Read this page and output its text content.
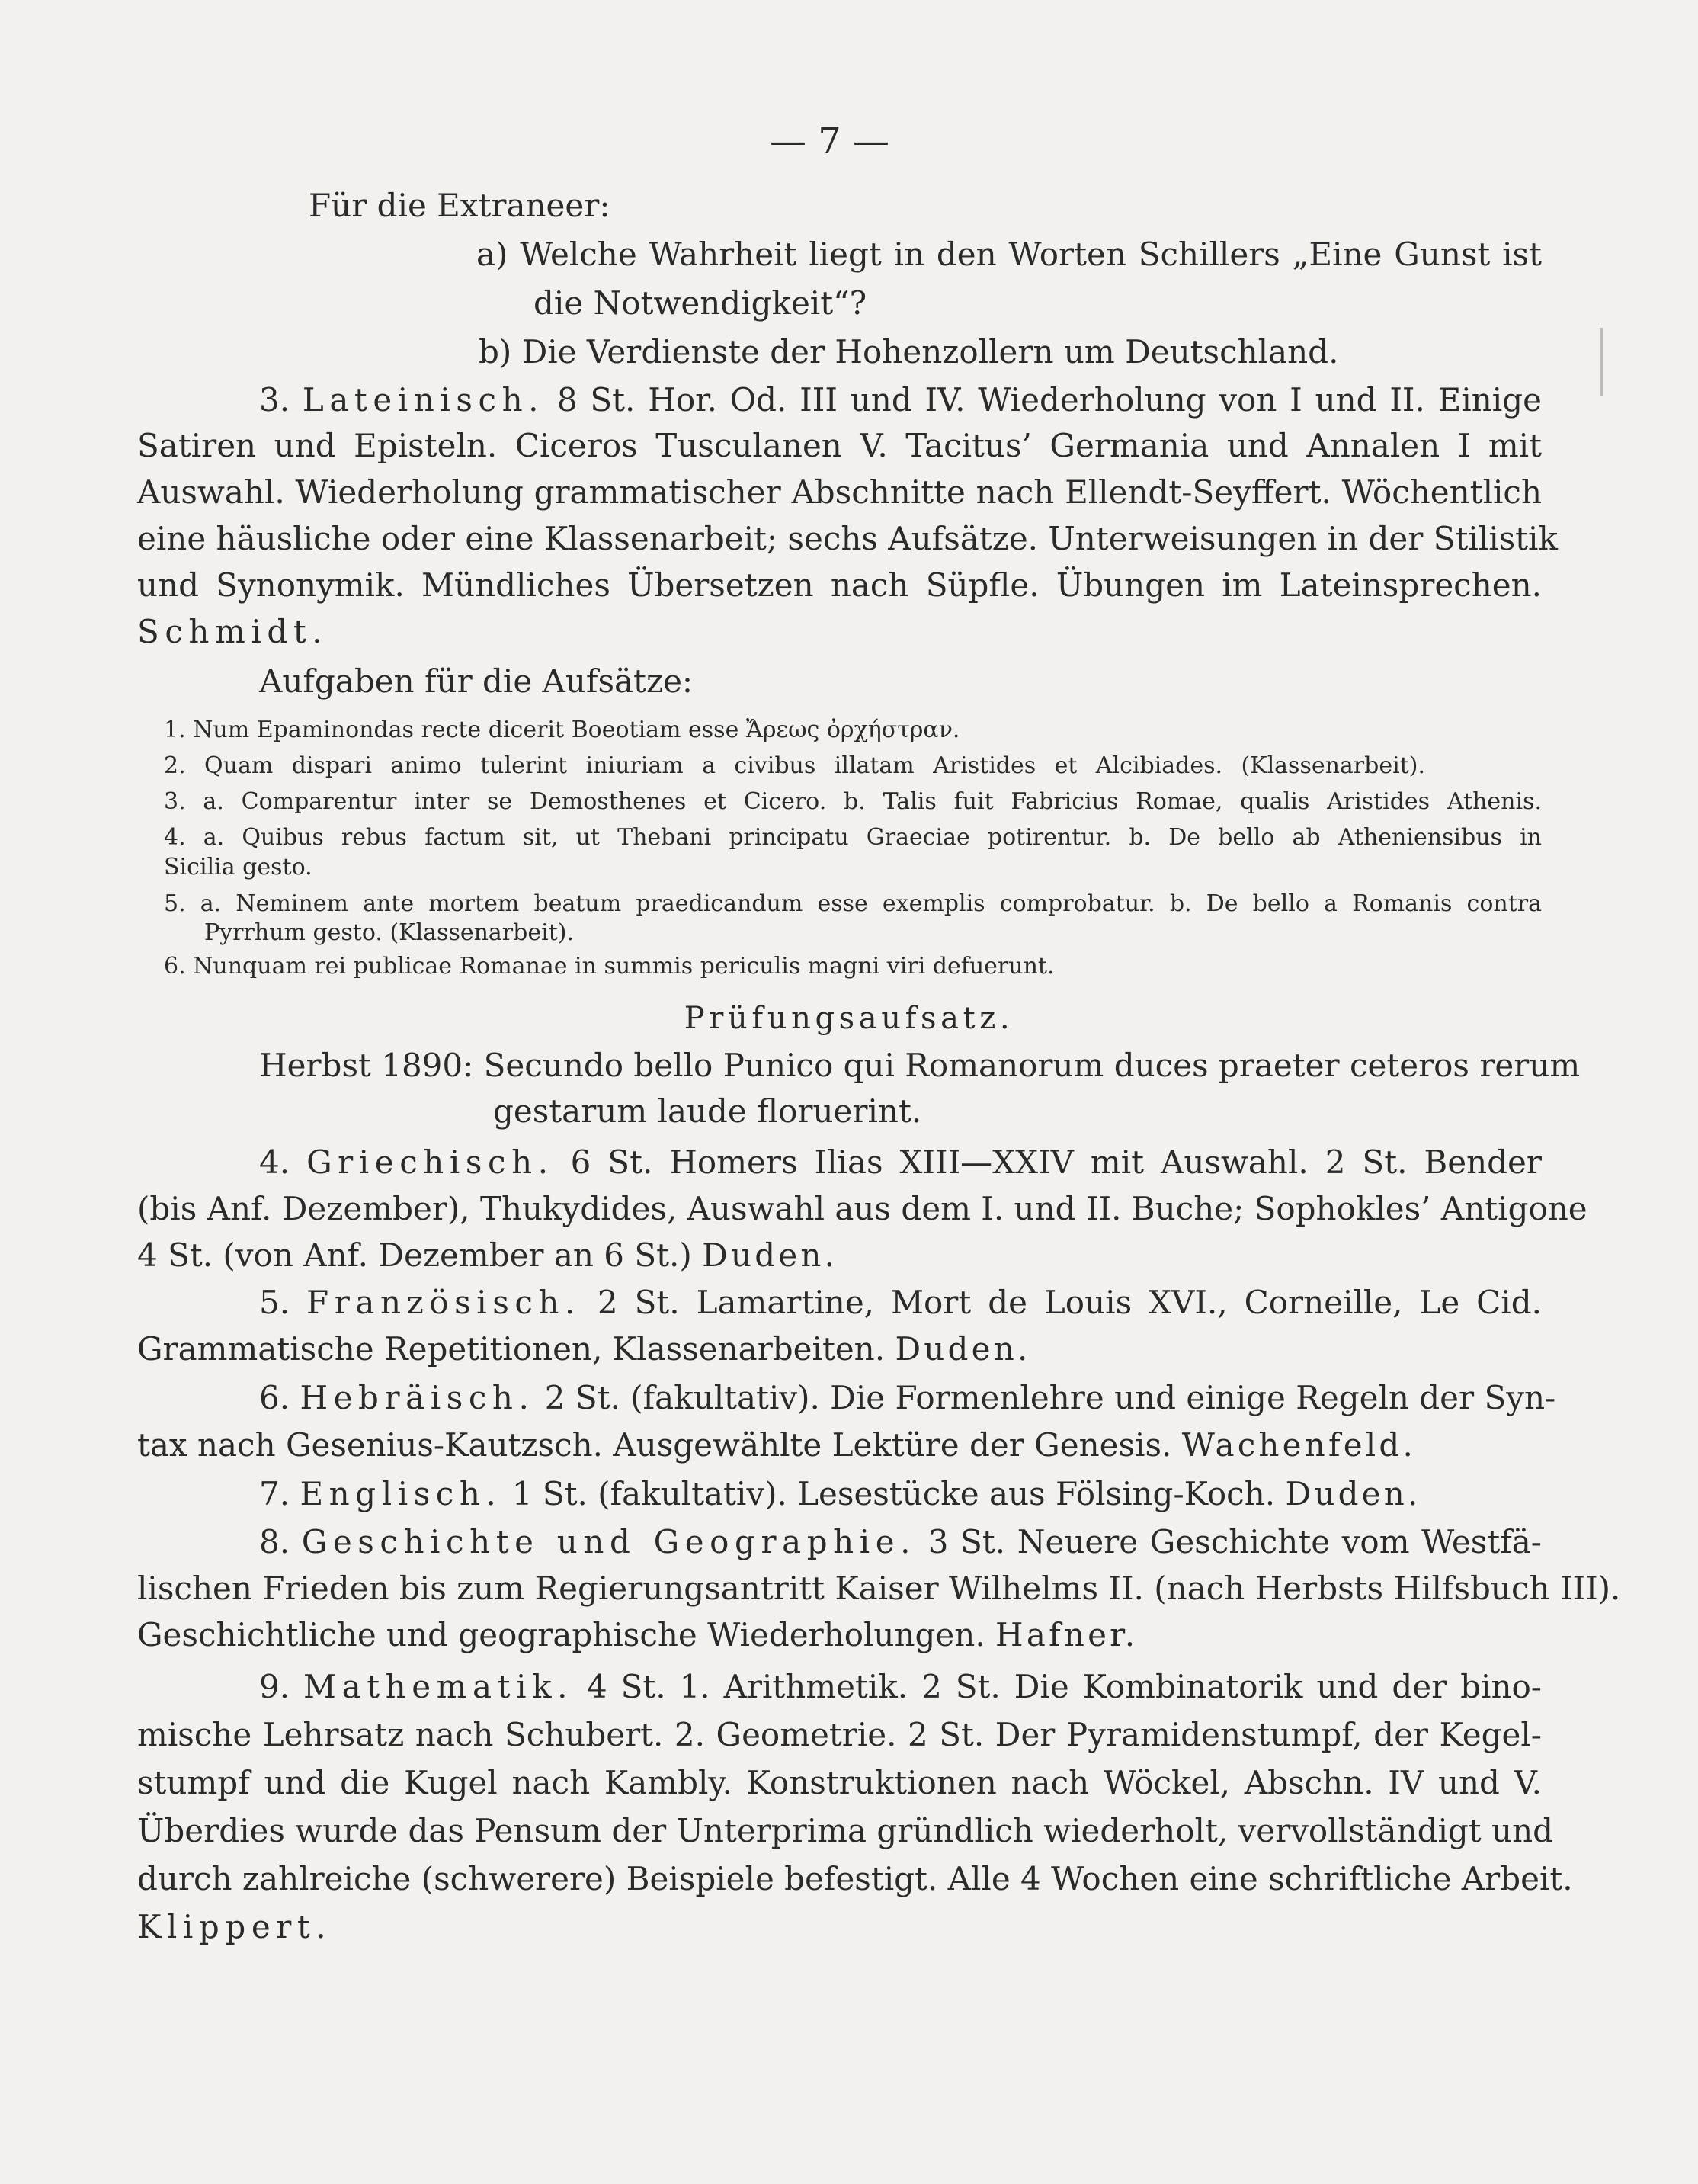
— 7 —
Für die Extraneer:
a) Welche Wahrheit liegt in den Worten Schillers „Eine Gunst ist
die Notwendigkeit“?
b) Die Verdienste der Hohenzollern um Deutschland.
3. Lateinisch. 8 St. Hor. Od. III und IV. Wiederholung von I und II. Einige
Satiren und Episteln. Ciceros Tusculanen V. Tacitus’ Germania und Annalen I mit
Auswahl. Wiederholung grammatischer Abschnitte nach Ellendt-Seyffert. Wöchentlich
eine häusliche oder eine Klassenarbeit; sechs Aufsätze. Unterweisungen in der Stilistik
und Synonymik. Mündliches Übersetzen nach Süpfle. Übungen im Lateinsprechen.
Schmidt.
Aufgaben für die Aufsätze:
1. Num Epaminondas recte dicerit Boeotiam esse Ἄρεως ὀρχήστραν.
2. Quam dispari animo tulerint iniuriam a civibus illatam Aristides et Alcibiades. (Klassenarbeit).
3. a. Comparentur inter se Demosthenes et Cicero. b. Talis fuit Fabricius Romae, qualis Aristides Athenis.
4. a. Quibus rebus factum sit, ut Thebani principatu Graeciae potirentur. b. De bello ab Atheniensibus in
Sicilia gesto.
5. a. Neminem ante mortem beatum praedicandum esse exemplis comprobatur. b. De bello a Romanis contra
Pyrrhum gesto. (Klassenarbeit).
6. Nunquam rei publicae Romanae in summis periculis magni viri defuerunt.
Prüfungsaufsatz.
Herbst 1890: Secundo bello Punico qui Romanorum duces praeter ceteros rerum
gestarum laude floruerint.
4. Griechisch. 6 St. Homers Ilias XIII—XXIV mit Auswahl. 2 St. Bender
(bis Anf. Dezember), Thukydides, Auswahl aus dem I. und II. Buche; Sophokles’ Antigone
4 St. (von Anf. Dezember an 6 St.) Duden.
5. Französisch. 2 St. Lamartine, Mort de Louis XVI., Corneille, Le Cid.
Grammatische Repetitionen, Klassenarbeiten. Duden.
6. Hebräisch. 2 St. (fakultativ). Die Formenlehre und einige Regeln der Syn-
tax nach Gesenius-Kautzsch. Ausgewählte Lektüre der Genesis. Wachenfeld.
7. Englisch. 1 St. (fakultativ). Lesestücke aus Fölsing-Koch. Duden.
8. Geschichte und Geographie. 3 St. Neuere Geschichte vom Westfä-
lischen Frieden bis zum Regierungsantritt Kaiser Wilhelms II. (nach Herbsts Hilfsbuch III).
Geschichtliche und geographische Wiederholungen. Hafner.
9. Mathematik. 4 St. 1. Arithmetik. 2 St. Die Kombinatorik und der bino-
mische Lehrsatz nach Schubert. 2. Geometrie. 2 St. Der Pyramidenstumpf, der Kegel-
stumpf und die Kugel nach Kambly. Konstruktionen nach Wöckel, Abschn. IV und V.
Überdies wurde das Pensum der Unterprima gründlich wiederholt, vervollständigt und
durch zahlreiche (schwerere) Beispiele befestigt. Alle 4 Wochen eine schriftliche Arbeit.
Klippert.
